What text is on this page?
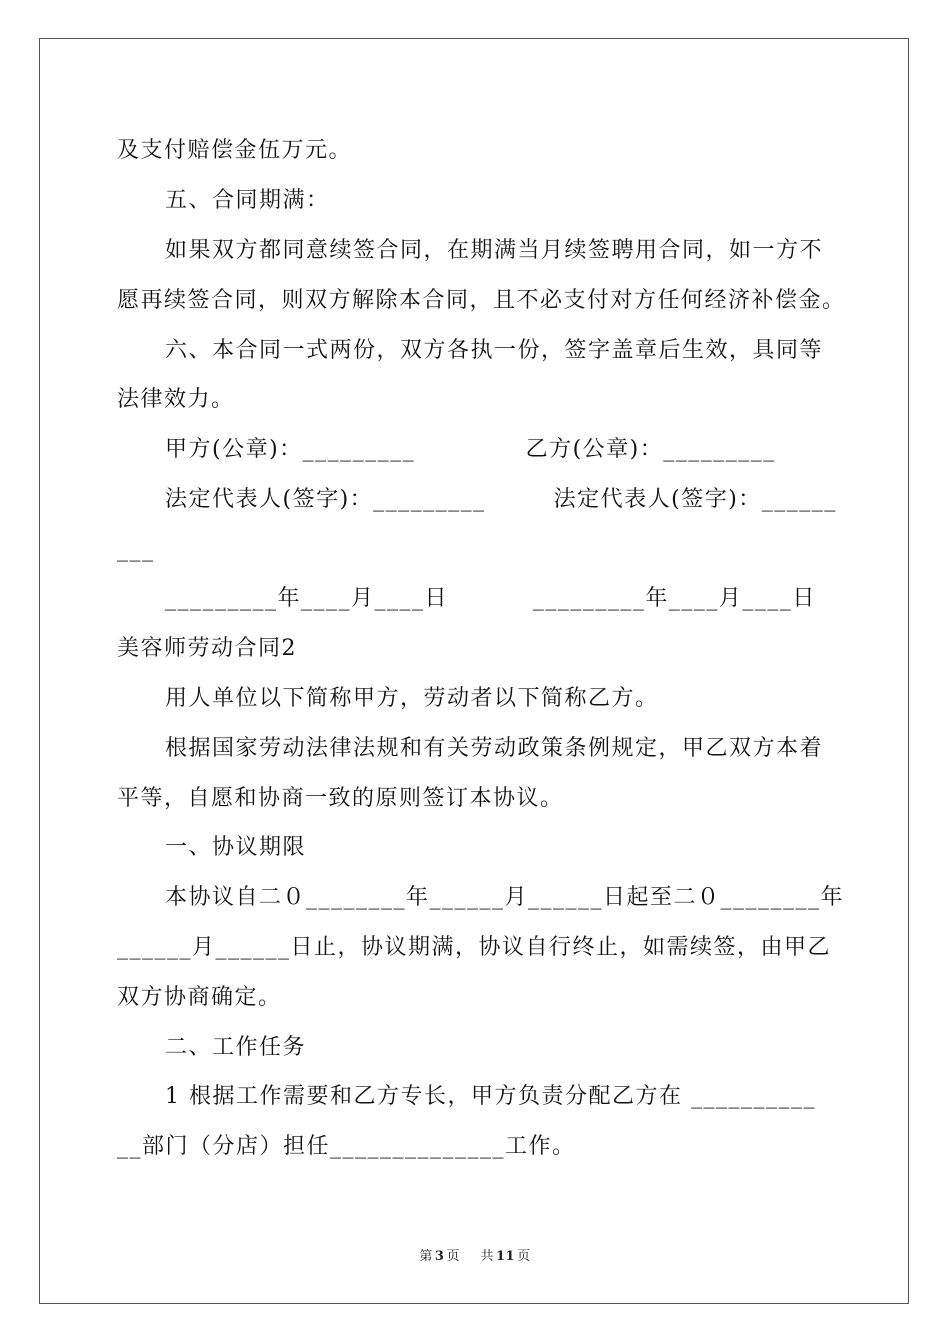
及支付赔偿金伍万元。
五、合同期满：
如果双方都同意续签合同，在期满当月续签聘用合同，如一方不
愿再续签合同，则双方解除本合同，且不必支付对方任何经济补偿金。
六、本合同一式两份，双方各执一份，签字盖章后生效，具同等
法律效力。
甲方(公章)：_________             乙方(公章)：_________
法定代表人(签字)：_________        法定代表人(签字)：______
___
_________年____月____日          _________年____月____日
美容师劳动合同2
用人单位以下简称甲方，劳动者以下简称乙方。
根据国家劳动法律法规和有关劳动政策条例规定，甲乙双方本着
平等，自愿和协商一致的原则签订本协议。
一、协议期限
本协议自二０________年______月______日起至二０________年
______月______日止，协议期满，协议自行终止，如需续签，由甲乙
双方协商确定。
二、工作任务
1 根据工作需要和乙方专长，甲方负责分配乙方在 __________
__部门（分店）担任______________工作。
第 3 页 共 11 页
